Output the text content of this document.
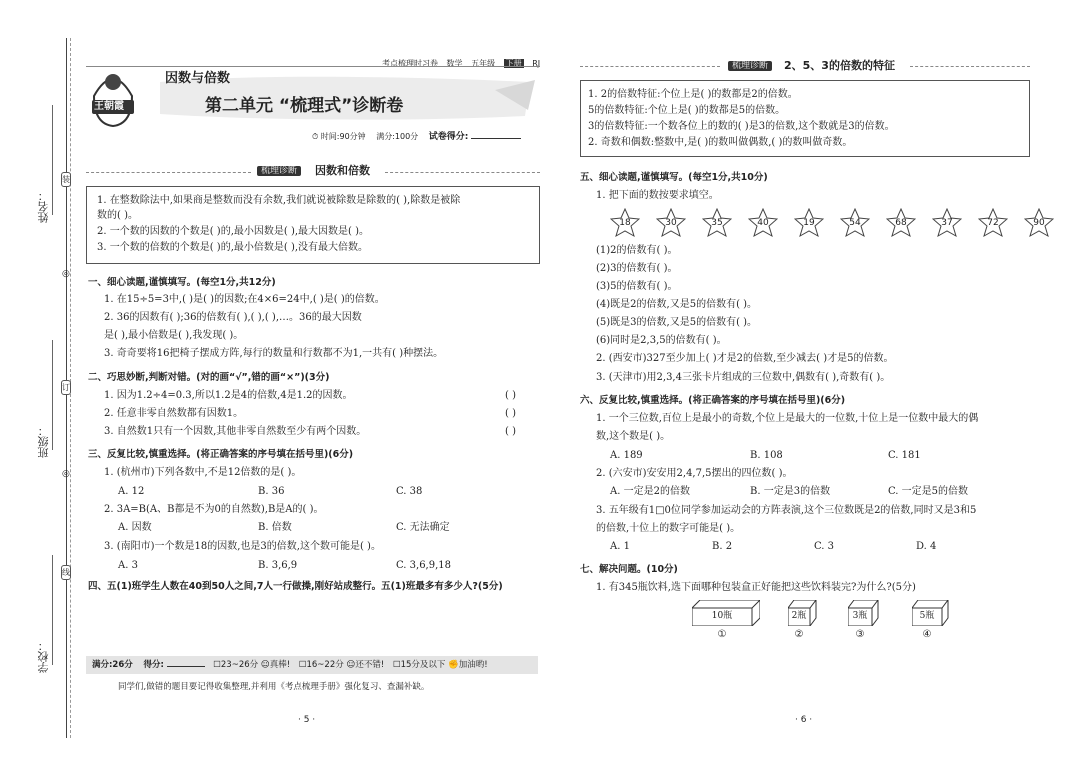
姓名：
班级：
学校：
装
◎
订
◎
线
考点梳理时习卷 数学 五年级 下册 RJ
王朝霞
因数与倍数
第二单元 “梳理式”诊断卷
⏱ 时间:90分钟 满分:100分 试卷得分:
梳理诊断	因数和倍数
1. 在整数除法中,如果商是整数而没有余数,我们就说被除数是除数的( ),除数是被除
数的( )。
2. 一个数的因数的个数是( )的,最小因数是( ),最大因数是( )。
3. 一个数的倍数的个数是( )的,最小倍数是( ),没有最大倍数。
一、细心读题,谨慎填写。(每空1分,共12分)
1. 在15÷5=3中,( )是( )的因数;在4×6=24中,( )是( )的倍数。
2. 36的因数有( );36的倍数有( ),( ),( ),…。36的最大因数
是( ),最小倍数是( ),我发现( )。
3. 奇奇要将16把椅子摆成方阵,每行的数量和行数都不为1,一共有( )种摆法。
二、巧思妙断,判断对错。(对的画“√”,错的画“×”)(3分)
1. 因为1.2÷4=0.3,所以1.2是4的倍数,4是1.2的因数。	( )
2. 任意非零自然数都有因数1。	( )
3. 自然数1只有一个因数,其他非零自然数至少有两个因数。	( )
三、反复比较,慎重选择。(将正确答案的序号填在括号里)(6分)
1. (杭州市)下列各数中,不是12倍数的是( )。
A. 12	B. 36	C. 38
2. 3A=B(A、B都是不为0的自然数),B是A的( )。
A. 因数	B. 倍数	C. 无法确定
3. (南阳市)一个数是18的因数,也是3的倍数,这个数可能是( )。
A. 3	B. 3,6,9	C. 3,6,9,18
四、五(1)班学生人数在40到50人之间,7人一行做操,刚好站成整行。五(1)班最多有多少人?(5分)
满分:26分 得分:	☐23~26分 ☺真棒! ☐16~22分 ☺还不错! ☐15分及以下 ✊加油哟!
同学们,做错的题目要记得收集整理,并利用《考点梳理手册》强化复习、查漏补缺。
· 5 ·
梳理诊断	2、5、3的倍数的特征
1. 2的倍数特征:个位上是( )的数都是2的倍数。
5的倍数特征:个位上是( )的数都是5的倍数。
3的倍数特征:一个数各位上的数的( )是3的倍数,这个数就是3的倍数。
2. 奇数和偶数:整数中,是( )的数叫做偶数,( )的数叫做奇数。
五、细心读题,谨慎填写。(每空1分,共10分)
1. 把下面的数按要求填空。
18	30	35	40	19	54	68	37	72	90
(1)2的倍数有( )。
(2)3的倍数有( )。
(3)5的倍数有( )。
(4)既是2的倍数,又是5的倍数有( )。
(5)既是3的倍数,又是5的倍数有( )。
(6)同时是2,3,5的倍数有( )。
2. (西安市)327至少加上( )才是2的倍数,至少减去( )才是5的倍数。
3. (天津市)用2,3,4三张卡片组成的三位数中,偶数有( ),奇数有( )。
六、反复比较,慎重选择。(将正确答案的序号填在括号里)(6分)
1. 一个三位数,百位上是最小的奇数,个位上是最大的一位数,十位上是一位数中最大的偶
数,这个数是( )。
A. 189	B. 108	C. 181
2. (六安市)安安用2,4,7,5摆出的四位数( )。
A. 一定是2的倍数	B. 一定是3的倍数	C. 一定是5的倍数
3. 五年级有1□0位同学参加运动会的方阵表演,这个三位数既是2的倍数,同时又是3和5
的倍数,十位上的数字可能是( )。
A. 1	B. 2	C. 3	D. 4
七、解决问题。(10分)
1. 有345瓶饮料,选下面哪种包装盒正好能把这些饮料装完?为什么?(5分)
10瓶
①
2瓶
②
3瓶
③
5瓶
④
· 6 ·
